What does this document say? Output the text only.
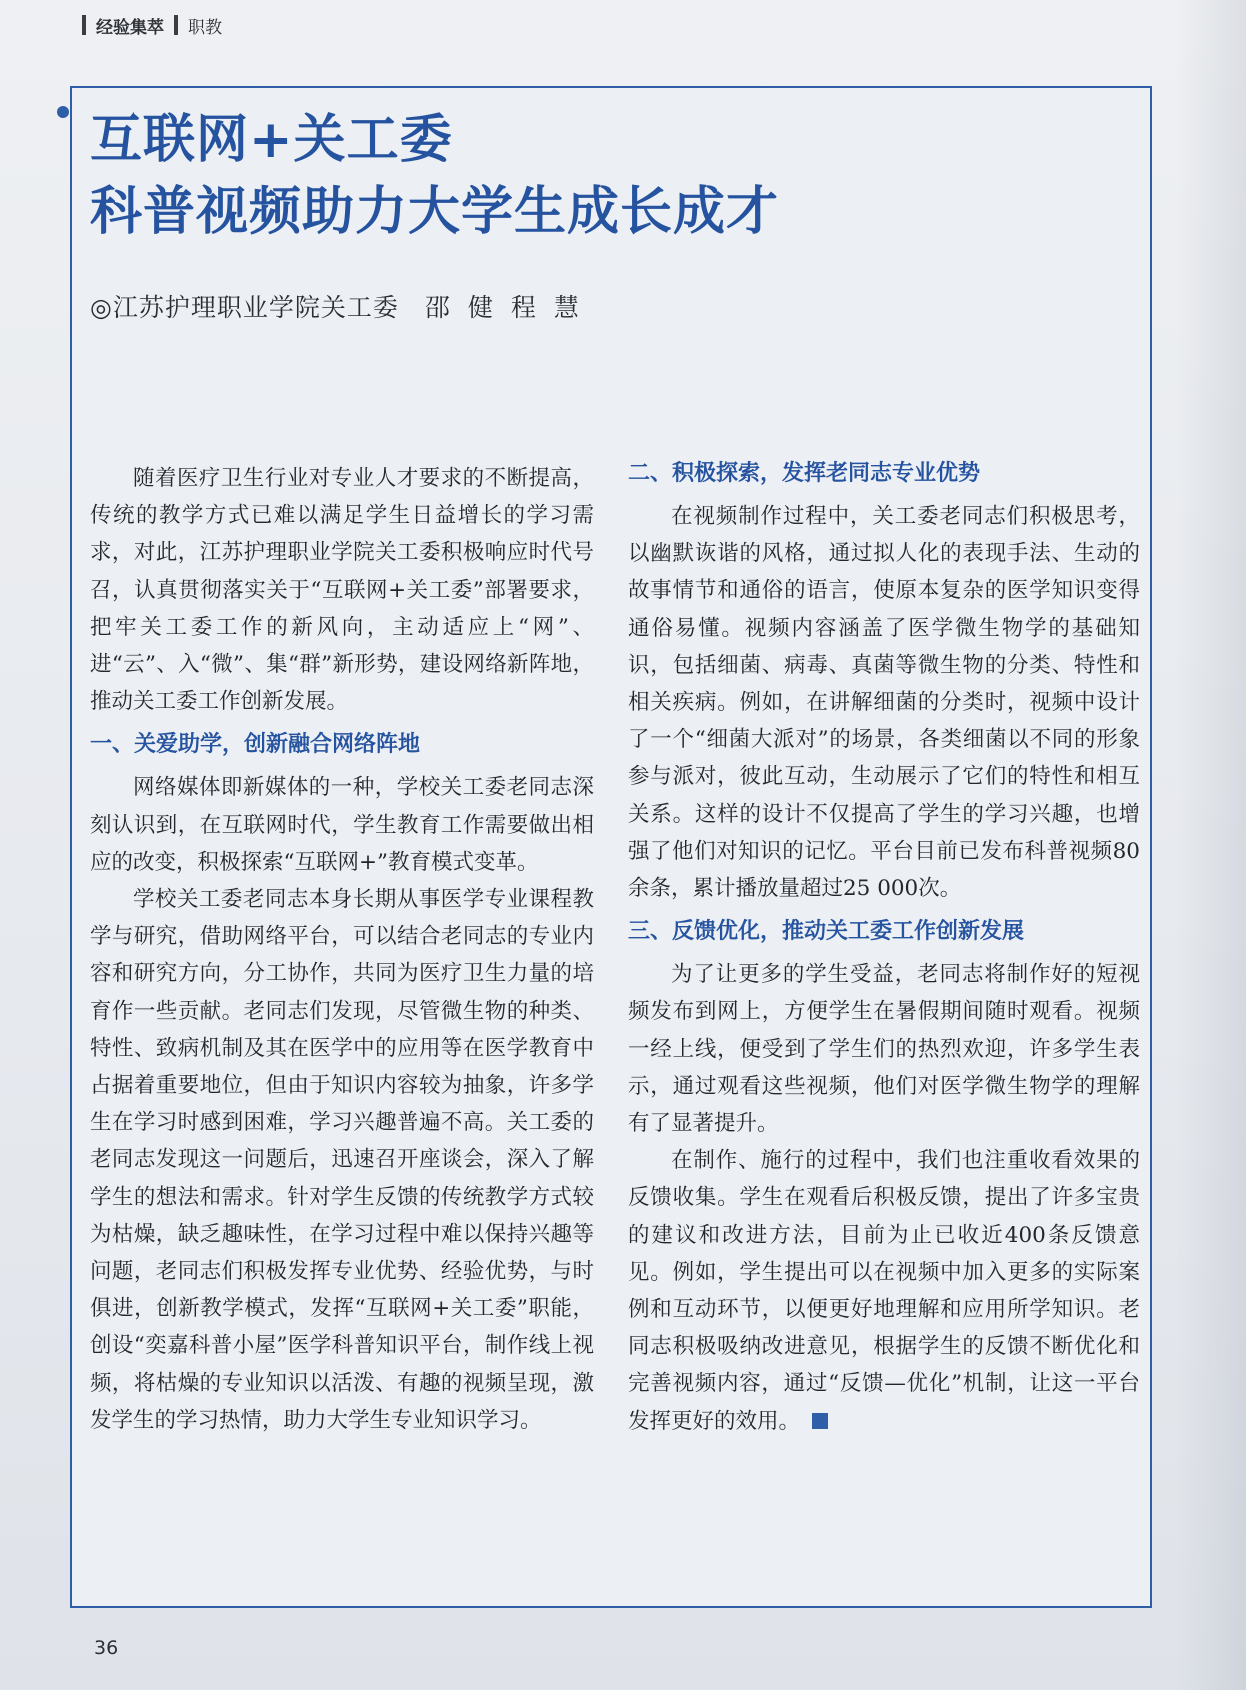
经验集萃 职教
互联网+关工委
科普视频助力大学生成长成才
◎江苏护理职业学院关工委 邵健程慧

随着医疗卫生行业对专业人才要求的不断提高，传统的教学方式已难以满足学生日益增长的学习需求，对此，江苏护理职业学院关工委积极响应时代号召，认真贯彻落实关于“互联网+关工委”部署要求，把牢关工委工作的新风向，主动适应上“网”、进“云”、入“微”、集“群”新形势，建设网络新阵地，推动关工委工作创新发展。

一、关爱助学，创新融合网络阵地

网络媒体即新媒体的一种，学校关工委老同志深刻认识到，在互联网时代，学生教育工作需要做出相应的改变，积极探索“互联网+”教育模式变革。

学校关工委老同志本身长期从事医学专业课程教学与研究，借助网络平台，可以结合老同志的专业内容和研究方向，分工协作，共同为医疗卫生力量的培育作一些贡献。老同志们发现，尽管微生物的种类、特性、致病机制及其在医学中的应用等在医学教育中占据着重要地位，但由于知识内容较为抽象，许多学生在学习时感到困难，学习兴趣普遍不高。关工委的老同志发现这一问题后，迅速召开座谈会，深入了解学生的想法和需求。针对学生反馈的传统教学方式较为枯燥，缺乏趣味性，在学习过程中难以保持兴趣等问题，老同志们积极发挥专业优势、经验优势，与时俱进，创新教学模式，发挥“互联网+关工委”职能，创设“奕嘉科普小屋”医学科普知识平台，制作线上视频，将枯燥的专业知识以活泼、有趣的视频呈现，激发学生的学习热情，助力大学生专业知识学习。

二、积极探索，发挥老同志专业优势

在视频制作过程中，关工委老同志们积极思考，以幽默诙谐的风格，通过拟人化的表现手法、生动的故事情节和通俗的语言，使原本复杂的医学知识变得通俗易懂。视频内容涵盖了医学微生物学的基础知识，包括细菌、病毒、真菌等微生物的分类、特性和相关疾病。例如，在讲解细菌的分类时，视频中设计了一个“细菌大派对”的场景，各类细菌以不同的形象参与派对，彼此互动，生动展示了它们的特性和相互关系。这样的设计不仅提高了学生的学习兴趣，也增强了他们对知识的记忆。平台目前已发布科普视频80余条，累计播放量超过25 000次。

三、反馈优化，推动关工委工作创新发展

为了让更多的学生受益，老同志将制作好的短视频发布到网上，方便学生在暑假期间随时观看。视频一经上线，便受到了学生们的热烈欢迎，许多学生表示，通过观看这些视频，他们对医学微生物学的理解有了显著提升。

在制作、施行的过程中，我们也注重收看效果的反馈收集。学生在观看后积极反馈，提出了许多宝贵的建议和改进方法，目前为止已收近400条反馈意见。例如，学生提出可以在视频中加入更多的实际案例和互动环节，以便更好地理解和应用所学知识。老同志积极吸纳改进意见，根据学生的反馈不断优化和完善视频内容，通过“反馈—优化”机制，让这一平台发挥更好的效用。

36
